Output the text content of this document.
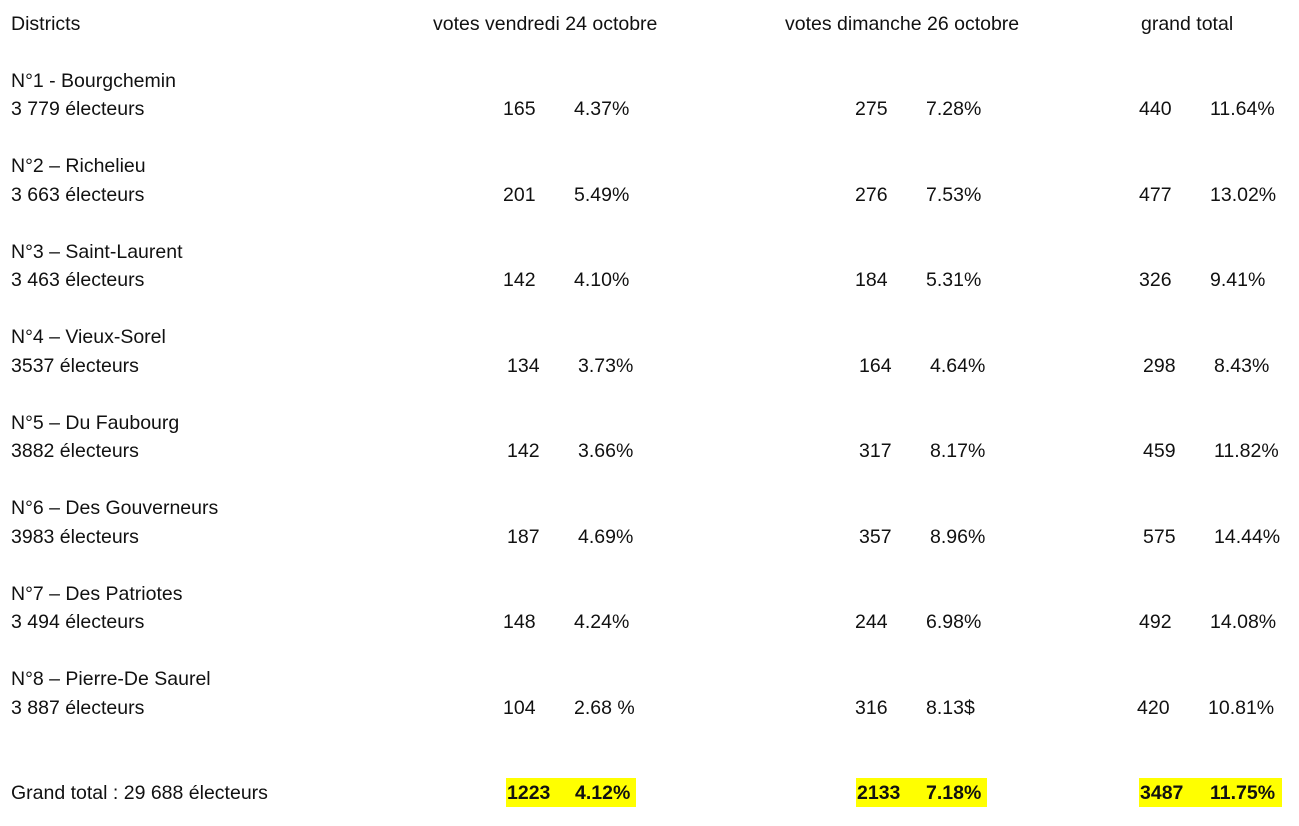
Districts	votes vendredi 24 octobre	votes dimanche 26 octobre	grand total
N°1 - Bourgchemin
3 779 électeurs	165 4.37%	275 7.28%	440 11.64%
N°2 – Richelieu
3 663 électeurs	201 5.49%	276 7.53%	477 13.02%
N°3 – Saint-Laurent
3 463 électeurs	142 4.10%	184 5.31%	326 9.41%
N°4 – Vieux-Sorel
3537 électeurs	134 3.73%	164 4.64%	298 8.43%
N°5 – Du Faubourg
3882 électeurs	142 3.66%	317 8.17%	459 11.82%
N°6 – Des Gouverneurs
3983 électeurs	187 4.69%	357 8.96%	575 14.44%
N°7 – Des Patriotes
3 494 électeurs	148 4.24%	244 6.98%	492 14.08%
N°8 – Pierre-De Saurel
3 887 électeurs	104 2.68 %	316 8.13$	420 10.81%
Grand total : 29 688 électeurs	1223 4.12%	2133 7.18%	3487 11.75%
